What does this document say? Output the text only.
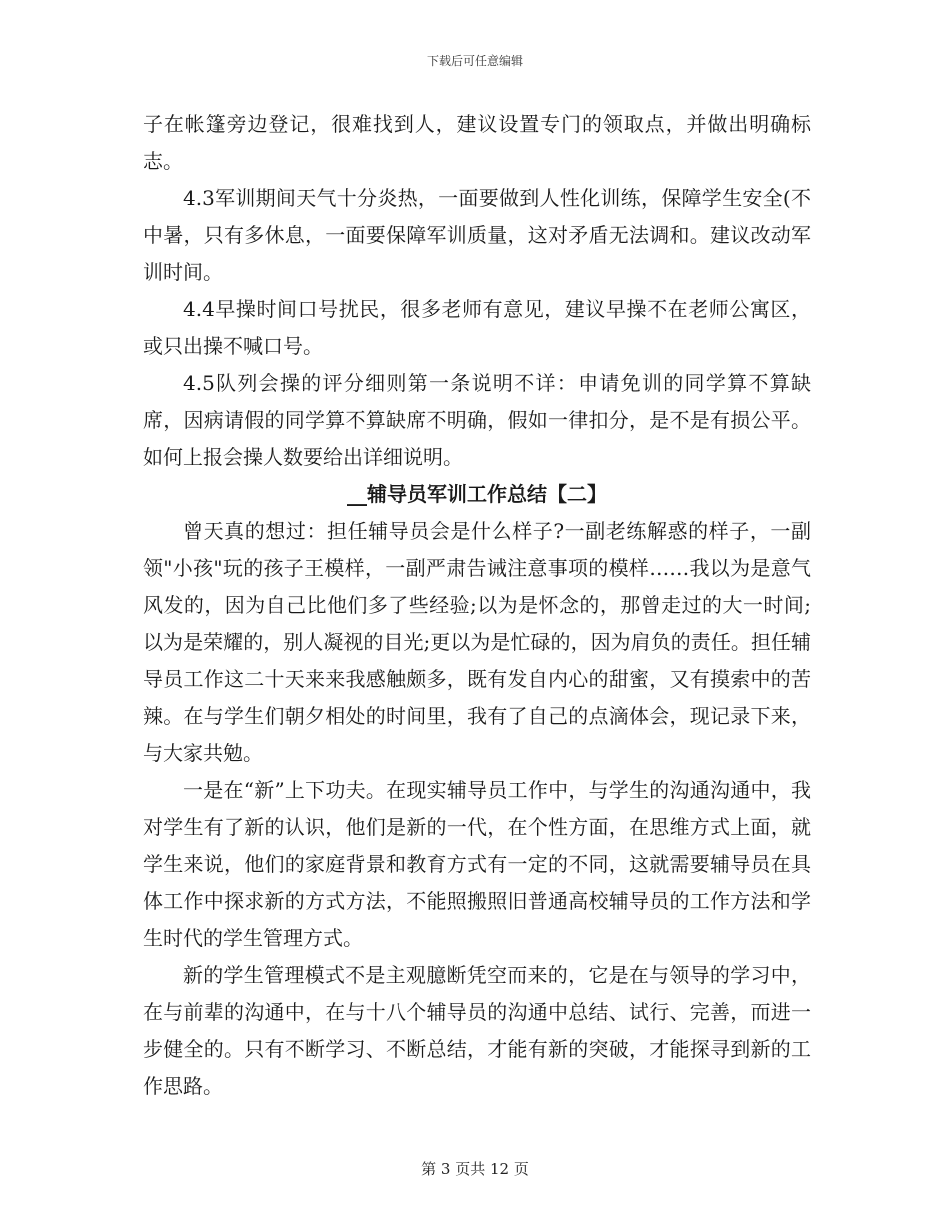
下载后可任意编辑

子在帐篷旁边登记，很难找到人，建议设置专门的领取点，并做出明确标志。

4.3军训期间天气十分炎热，一面要做到人性化训练，保障学生安全(不中暑，只有多休息，一面要保障军训质量，这对矛盾无法调和。建议改动军训时间。

4.4早操时间口号扰民，很多老师有意见，建议早操不在老师公寓区，或只出操不喊口号。

4.5队列会操的评分细则第一条说明不详：申请免训的同学算不算缺席，因病请假的同学算不算缺席不明确，假如一律扣分，是不是有损公平。如何上报会操人数要给出详细说明。

__辅导员军训工作总结【二】

曾天真的想过：担任辅导员会是什么样子?一副老练解惑的样子，一副领"小孩"玩的孩子王模样，一副严肃告诫注意事项的模样……我以为是意气风发的，因为自己比他们多了些经验;以为是怀念的，那曾走过的大一时间;以为是荣耀的，别人凝视的目光;更以为是忙碌的，因为肩负的责任。担任辅导员工作这二十天来来我感触颇多，既有发自内心的甜蜜，又有摸索中的苦辣。在与学生们朝夕相处的时间里，我有了自己的点滴体会，现记录下来，与大家共勉。

一是在“新”上下功夫。在现实辅导员工作中，与学生的沟通沟通中，我对学生有了新的认识，他们是新的一代，在个性方面，在思维方式上面，就学生来说，他们的家庭背景和教育方式有一定的不同，这就需要辅导员在具体工作中探求新的方式方法，不能照搬照旧普通高校辅导员的工作方法和学生时代的学生管理方式。

新的学生管理模式不是主观臆断凭空而来的，它是在与领导的学习中，在与前辈的沟通中，在与十八个辅导员的沟通中总结、试行、完善，而进一步健全的。只有不断学习、不断总结，才能有新的突破，才能探寻到新的工作思路。

第 3 页共 12 页
